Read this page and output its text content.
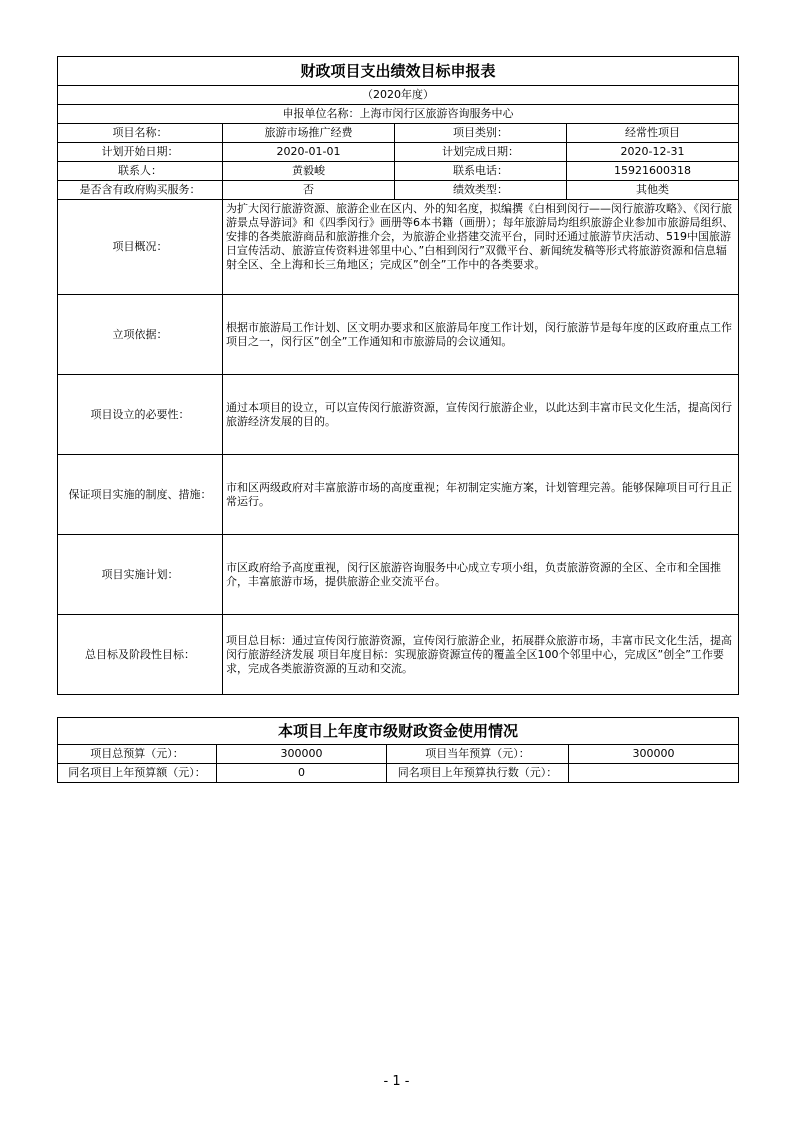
财政项目支出绩效目标申报表			
（2020年度）			
申报单位名称：上海市闵行区旅游咨询服务中心			
项目名称：	旅游市场推广经费	项目类别：	经常性项目
计划开始日期：	2020-01-01	计划完成日期：	2020-12-31
联系人：	黄毅峻	联系电话：	15921600318
是否含有政府购买服务：	否	绩效类型：	其他类
项目概况：	为扩大闵行旅游资源、旅游企业在区内、外的知名度，拟编撰《白相到闵行——闵行旅游攻略》、《闵行旅游景点导游词》和《四季闵行》画册等6本书籍（画册）；每年旅游局均组织旅游企业参加市旅游局组织、安排的各类旅游商品和旅游推介会，为旅游企业搭建交流平台，同时还通过旅游节庆活动、519中国旅游日宣传活动、旅游宣传资料进邻里中心、”白相到闵行”双微平台、新闻统发稿等形式将旅游资源和信息辐射全区、全上海和长三角地区；完成区”创全”工作中的各类要求。		
立项依据：	根据市旅游局工作计划、区文明办要求和区旅游局年度工作计划，闵行旅游节是每年度的区政府重点工作项目之一，闵行区”创全”工作通知和市旅游局的会议通知。		
项目设立的必要性：	通过本项目的设立，可以宣传闵行旅游资源，宣传闵行旅游企业，以此达到丰富市民文化生活，提高闵行旅游经济发展的目的。		
保证项目实施的制度、措施：	市和区两级政府对丰富旅游市场的高度重视；年初制定实施方案，计划管理完善。能够保障项目可行且正常运行。		
项目实施计划：	市区政府给予高度重视，闵行区旅游咨询服务中心成立专项小组，负责旅游资源的全区、全市和全国推介，丰富旅游市场，提供旅游企业交流平台。		
总目标及阶段性目标：	项目总目标：通过宣传闵行旅游资源，宣传闵行旅游企业，拓展群众旅游市场，丰富市民文化生活，提高闵行旅游经济发展 项目年度目标：实现旅游资源宣传的覆盖全区100个邻里中心，完成区”创全”工作要求，完成各类旅游资源的互动和交流。		
本项目上年度市级财政资金使用情况			
项目总预算（元）：	300000	项目当年预算（元）：	300000
同名项目上年预算额（元）：	0	同名项目上年预算执行数（元）：	
- 1 -
